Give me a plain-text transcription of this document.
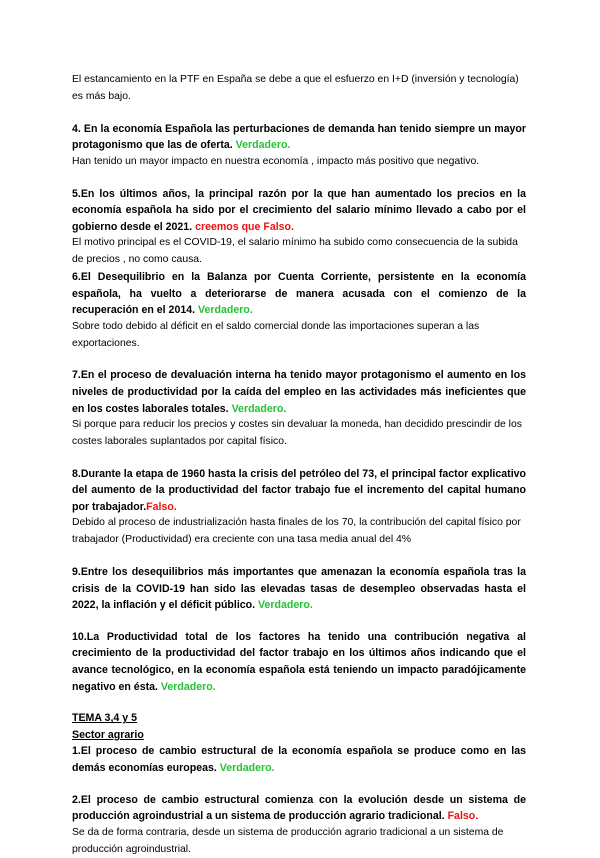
El estancamiento en la PTF en España se debe a que el esfuerzo en I+D (inversión y tecnología) es más bajo.

4. En la economía Española las perturbaciones de demanda han tenido siempre un mayor protagonismo que las de oferta. Verdadero.

Han tenido un mayor impacto en nuestra economía , impacto más positivo que negativo.

5.En los últimos años, la principal razón por la que han aumentado los precios en la economía española ha sido por el crecimiento del salario mínimo llevado a cabo por el gobierno desde el 2021. creemos que Falso.

El motivo principal es el COVID-19, el salario mínimo ha subido como consecuencia de la subida de precios , no como causa.

6.El Desequilibrio en la Balanza por Cuenta Corriente, persistente en la economía española, ha vuelto a deteriorarse de manera acusada con el comienzo de la recuperación en el 2014. Verdadero.

Sobre todo debido al déficit en el saldo comercial donde las importaciones superan a las exportaciones.

7.En el proceso de devaluación interna ha tenido mayor protagonismo el aumento en los niveles de productividad por la caída del empleo en las actividades más ineficientes que en los costes laborales totales. Verdadero.

Si porque para reducir los precios y costes sin devaluar la moneda, han decidido prescindir de los costes laborales suplantados por capital físico.

8.Durante la etapa de 1960 hasta la crisis del petróleo del 73, el principal factor explicativo del aumento de la productividad del factor trabajo fue el incremento del capital humano por trabajador.Falso.

Debido al proceso de industrialización hasta finales de los 70, la contribución del capital físico por trabajador (Productividad) era creciente con una tasa media anual del 4%

9.Entre los desequilibrios más importantes que amenazan la economía española tras la crisis de la COVID-19 han sido las elevadas tasas de desempleo observadas hasta el 2022, la inflación y el déficit público. Verdadero.

10.La Productividad total de los factores ha tenido una contribución negativa al crecimiento de la productividad del factor trabajo en los últimos años indicando que el avance tecnológico, en la economía española está teniendo un impacto paradójicamente negativo en ésta. Verdadero.

TEMA 3,4 y 5

Sector agrario

1.El proceso de cambio estructural de la economía española se produce como en las demás economías europeas. Verdadero.

2.El proceso de cambio estructural comienza con la evolución desde un sistema de producción agroindustrial a un sistema de producción agrario tradicional. Falso.

Se da de forma contraria, desde un sistema de producción agrario tradicional a un sistema de producción agroindustrial.
